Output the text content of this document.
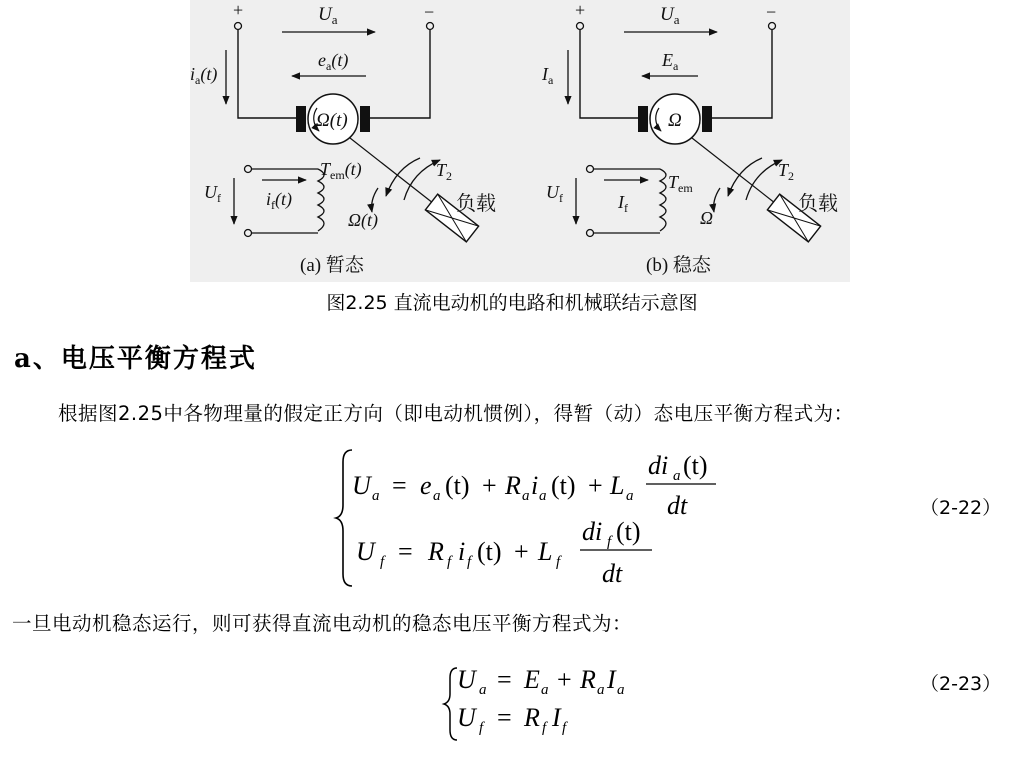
+	−
$U_a$
$e_a(t)$
$i_a(t)$
Ω(t)
负载
$T_{em}(t)$	$T_2$
Ω(t)
$U_f$	$i_f(t)$
(a) 暂态
+	−
$U_a$
$E_a$
$I_a$
Ω
负载
$T_{em}$
$T_2$
Ω
$U_f$	$I_f$
(b) 稳态
图2.25 直流电动机的电路和机械联结示意图
a、电压平衡方程式
根据图2.25中各物理量的假定正方向（即电动机惯例），得暂（动）态电压平衡方程式为：
U a = e a (t) + R a i a (t) + L a
di a (t)
dt
U f = R f i f (t) + L f
di f (t)
dt
U a = E a + R a I a
U f = R f I f
（2-22）
一旦电动机稳态运行，则可获得直流电动机的稳态电压平衡方程式为：
（2-23）
